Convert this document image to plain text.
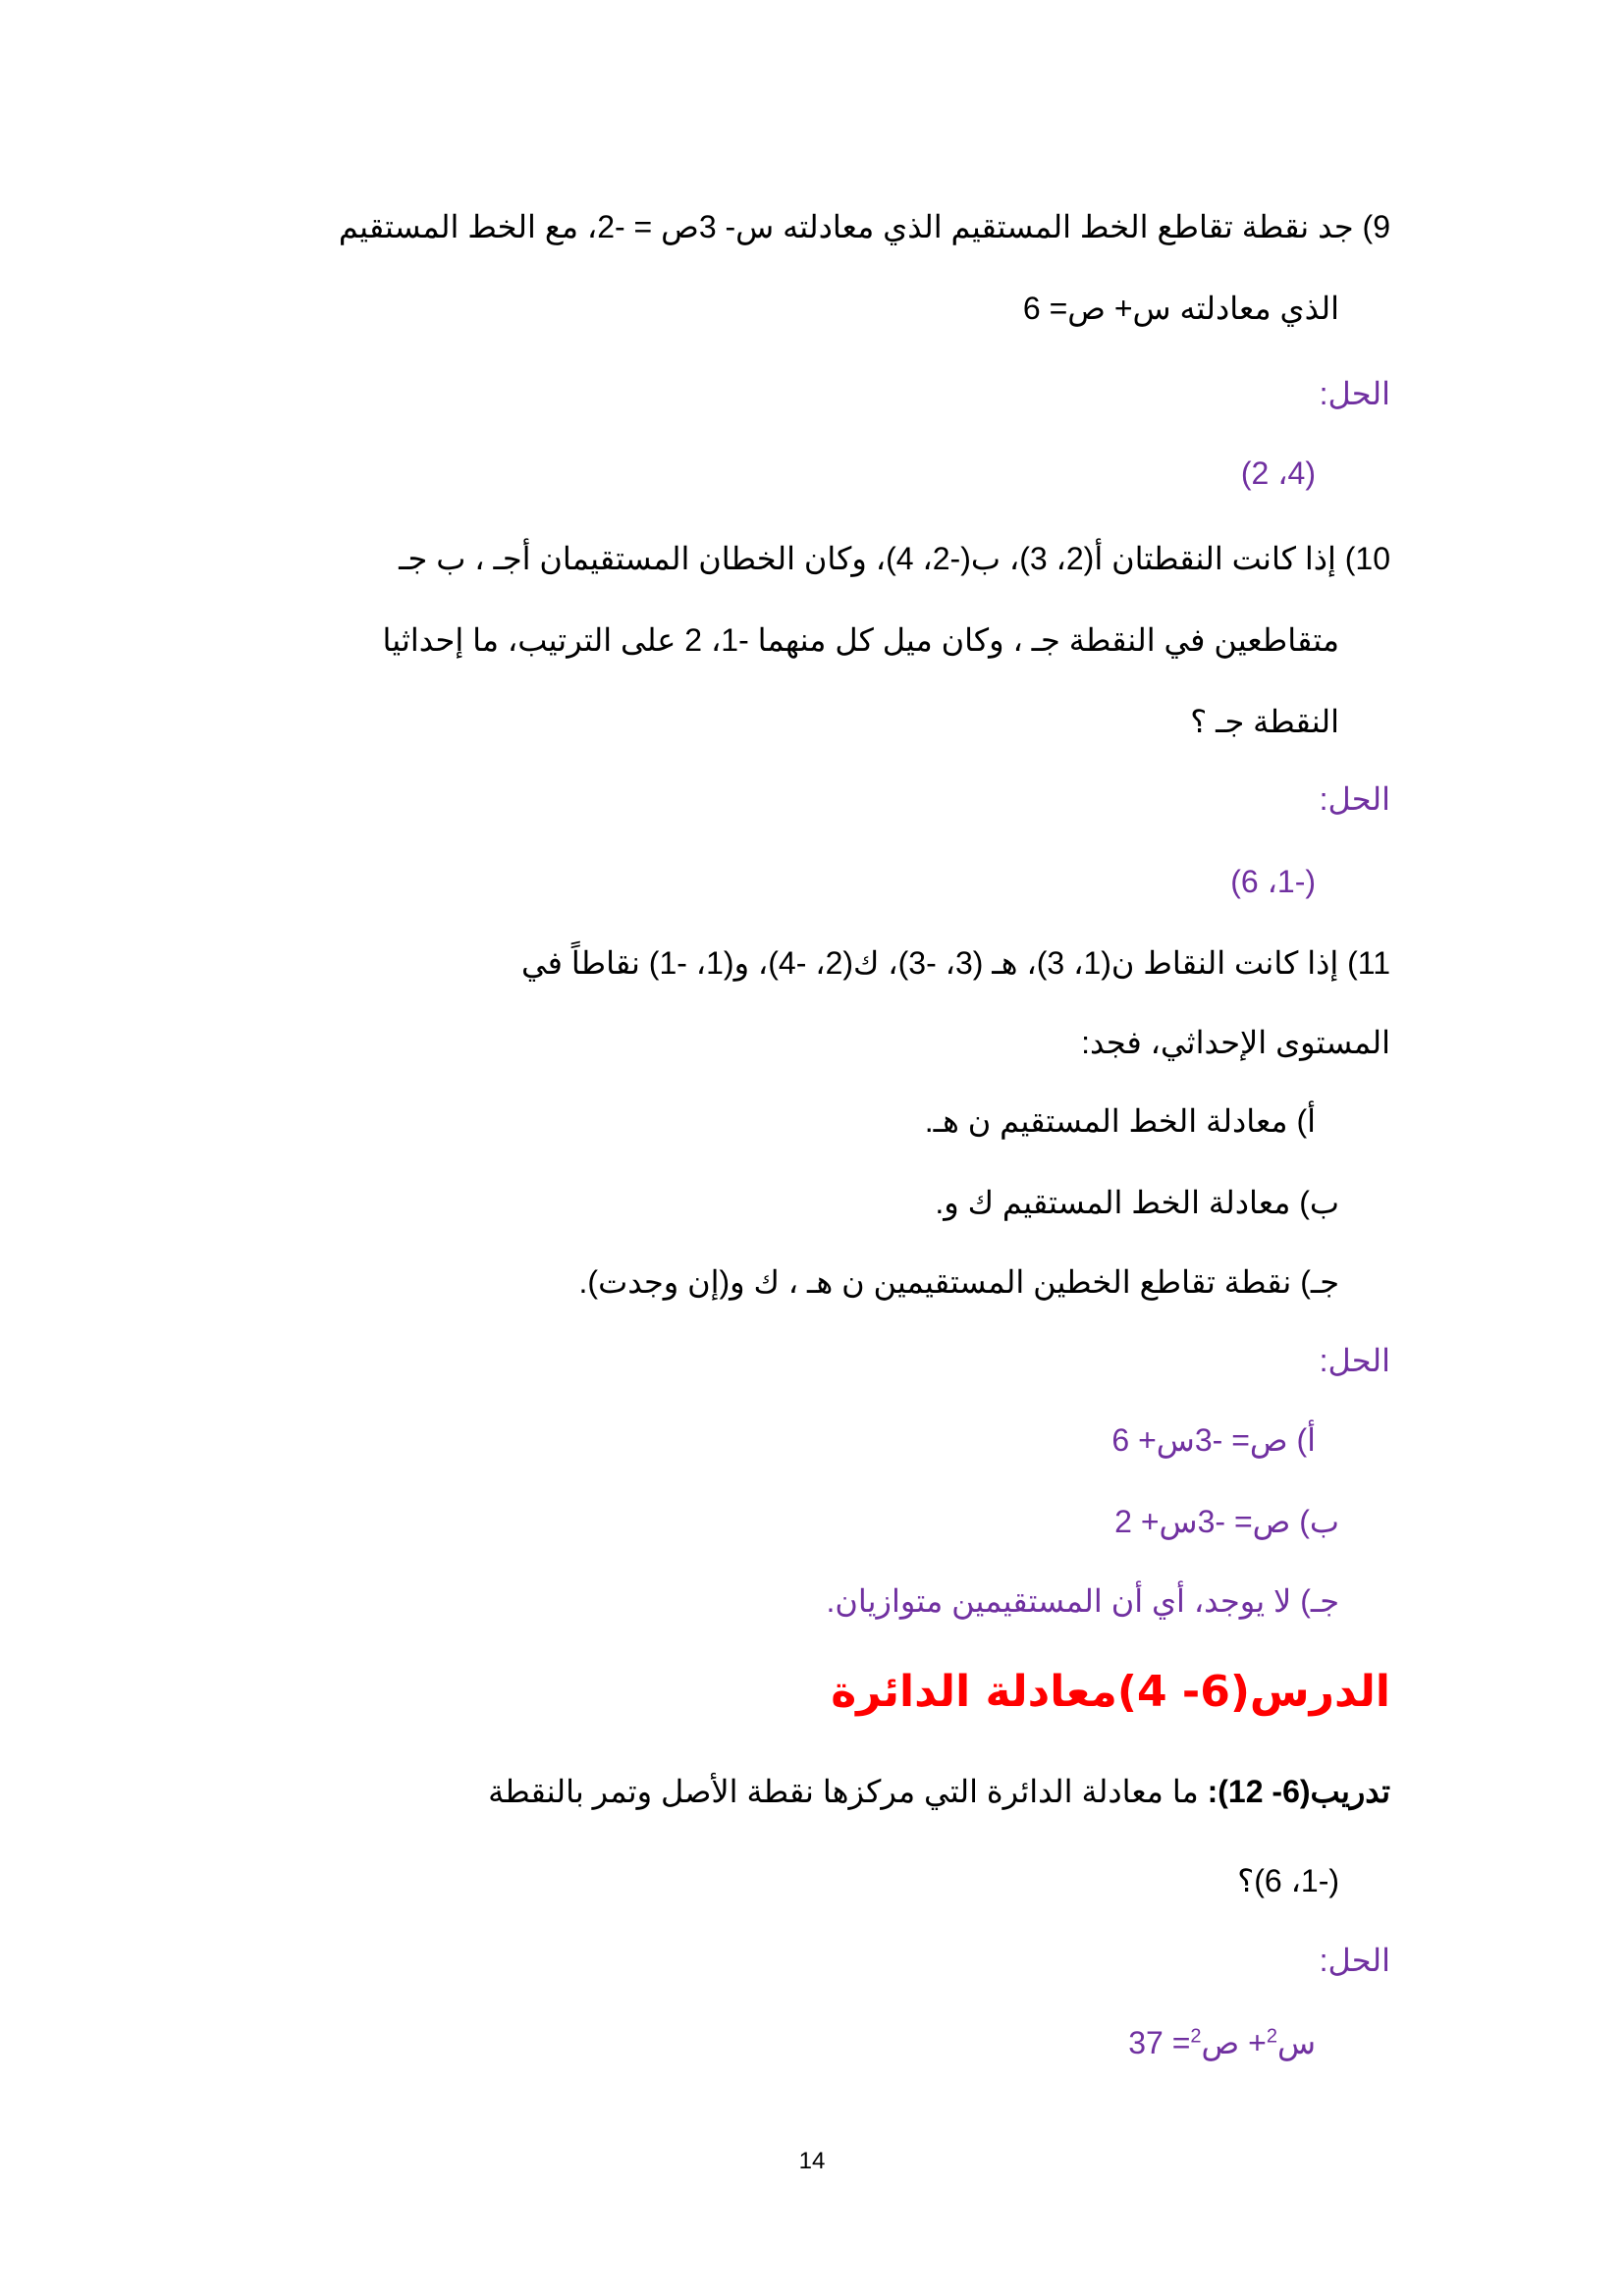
9) جد نقطة تقاطع الخط المستقيم الذي معادلته س- 3ص = -2، مع الخط المستقيم
الذي معادلته س+ ص= 6
الحل:
(4، 2)
10) إذا كانت النقطتان أ(2، 3)، ب(-2، 4)، وكان الخطان المستقيمان أجـ ، ب جـ
متقاطعين في النقطة جـ ، وكان ميل كل منهما -1، 2 على الترتيب، ما إحداثيا
النقطة جـ ؟
الحل:
(-1، 6)
11) إذا كانت النقاط ن(1، 3)، هـ (3، -3)، ك(2، -4)، و(1، -1) نقاطاً في
المستوى الإحداثي، فجد:
أ) معادلة الخط المستقيم ن هـ.
ب) معادلة الخط المستقيم ك و.
جـ) نقطة تقاطع الخطين المستقيمين ن هـ ، ك و(إن وجدت).
الحل:
أ) ص= -3س+ 6
ب) ص= -3س+ 2
جـ) لا يوجد، أي أن المستقيمين متوازيان.
الدرس(6- 4)معادلة الدائرة
تدريب(6- 12): ما معادلة الدائرة التي مركزها نقطة الأصل وتمر بالنقطة
(-1، 6)؟
الحل:
س$^2$+ ص$^2$= 37
14
